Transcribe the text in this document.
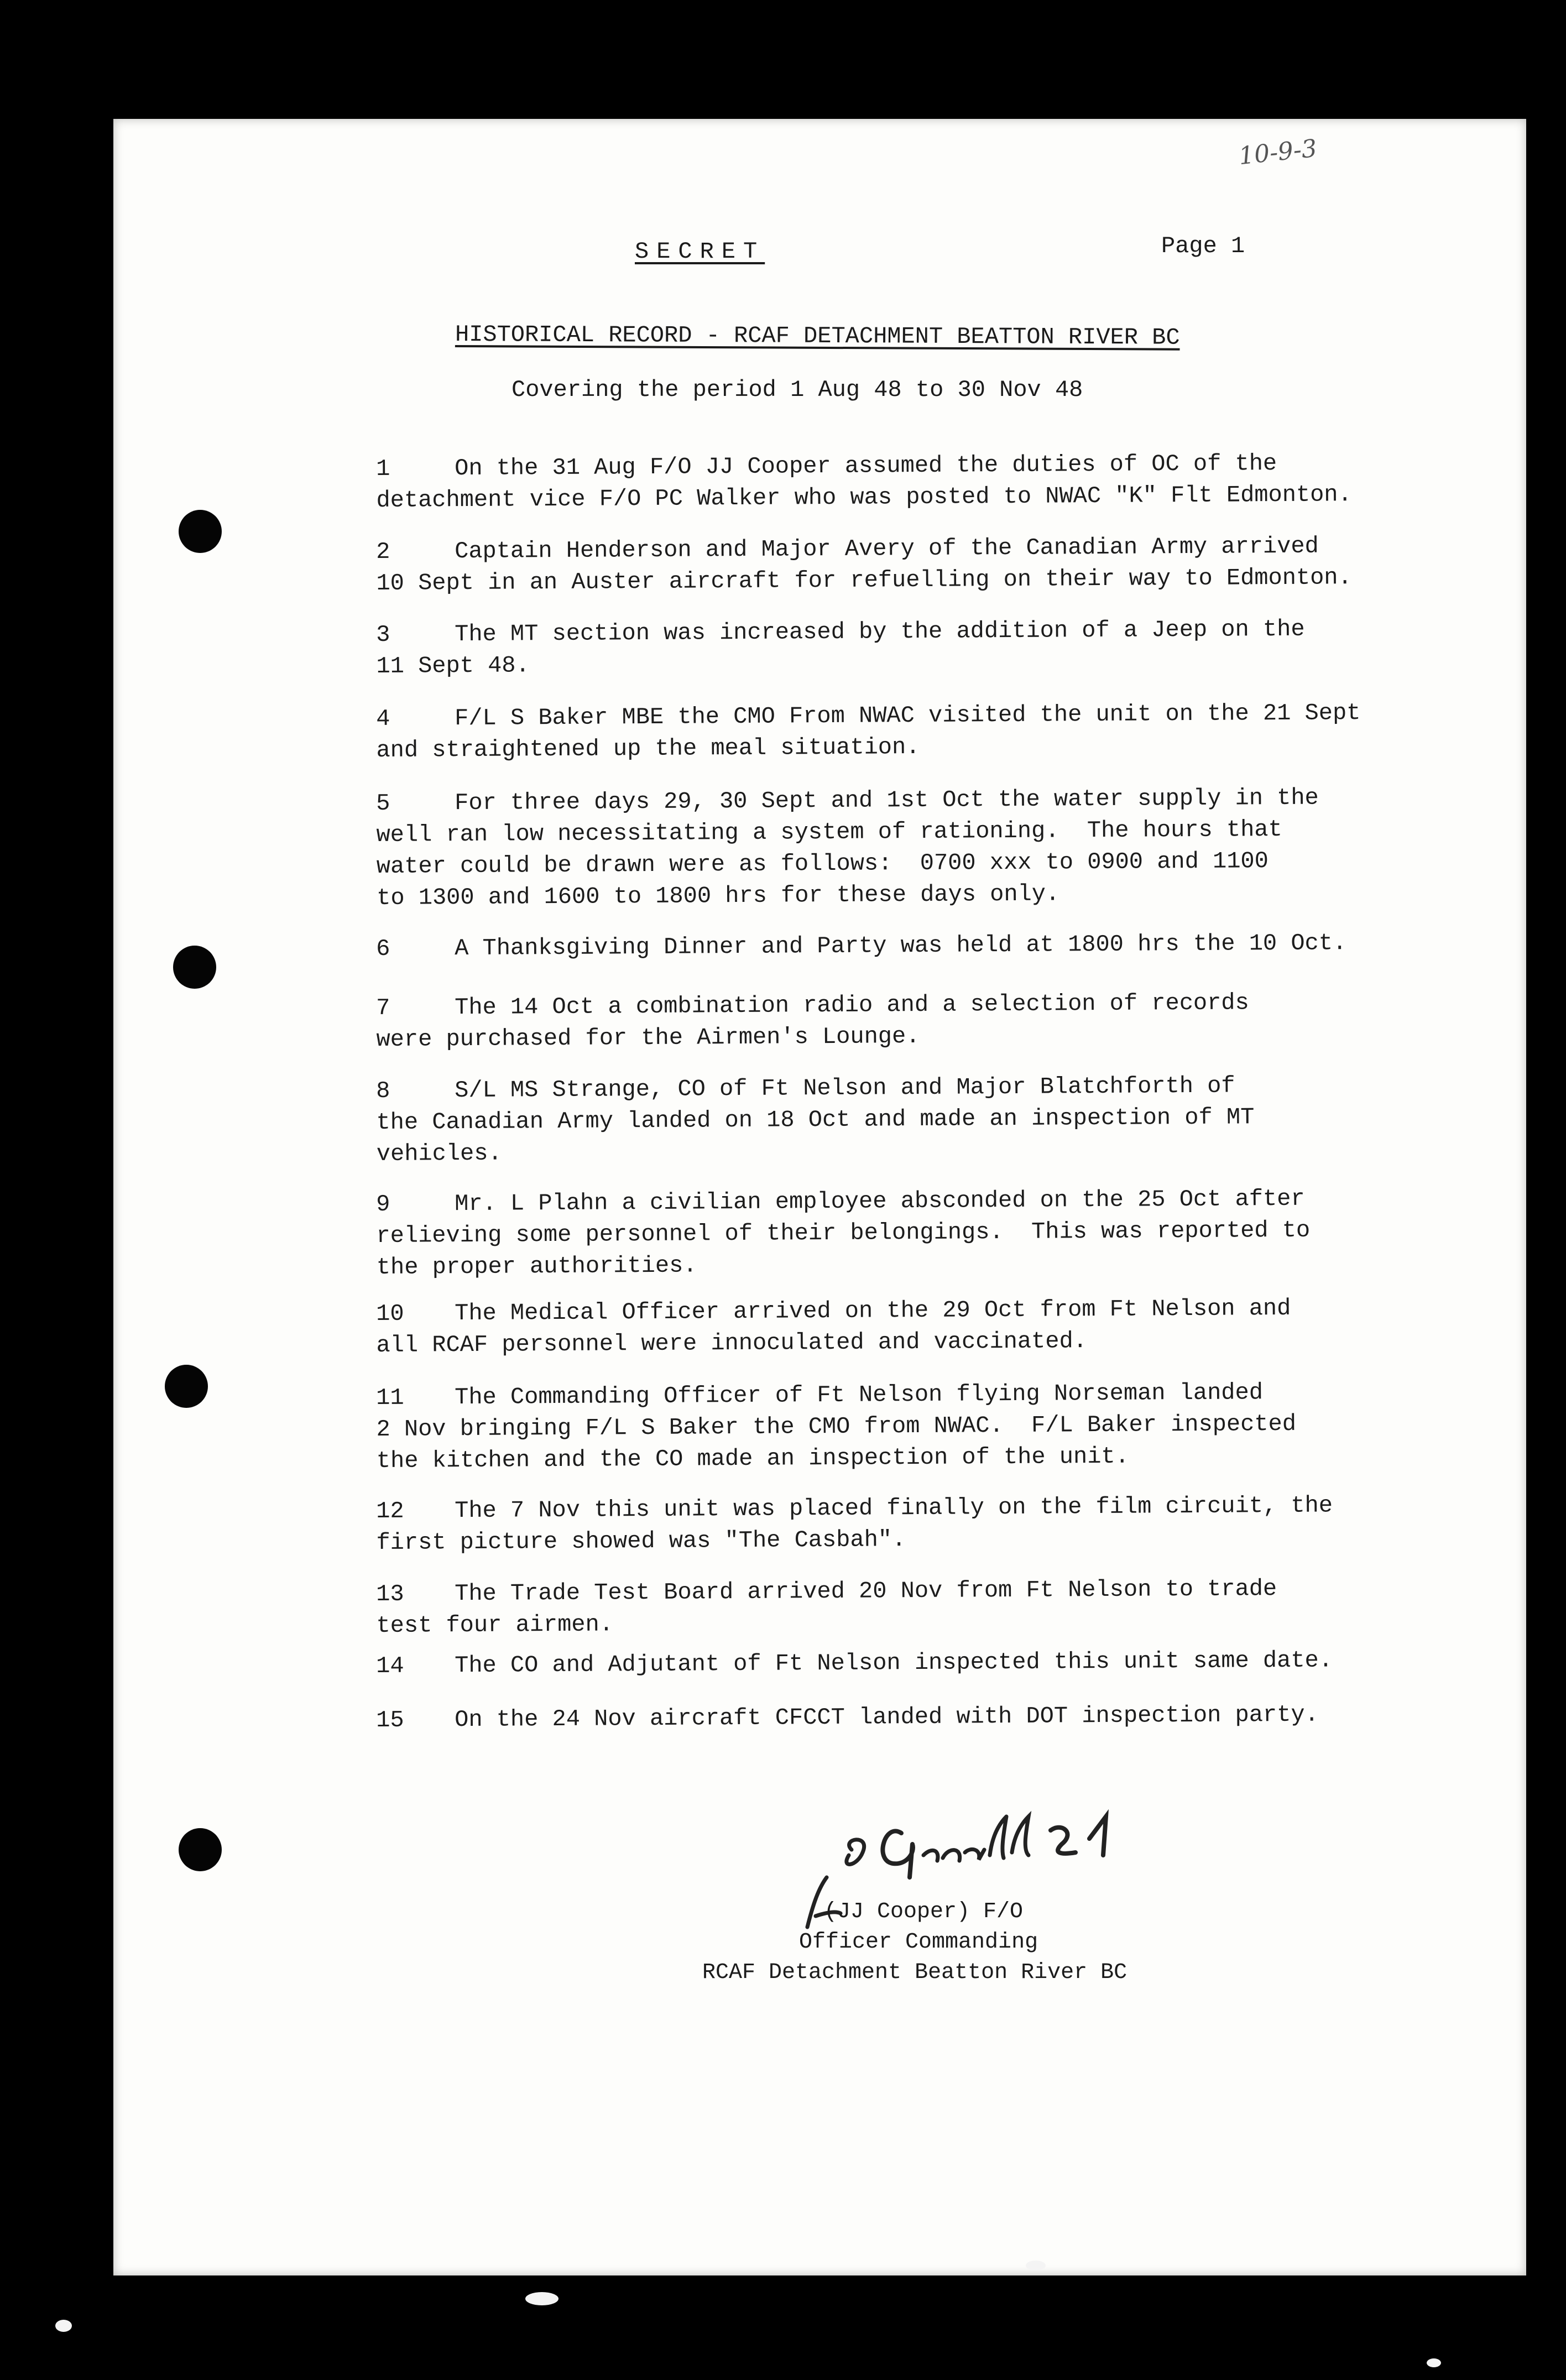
10-9-3
SECRET	Page 1
HISTORICAL RECORD - RCAF DETACHMENT BEATTON RIVER BC
Covering the period 1 Aug 48 to 30 Nov 48
1	On the 31 Aug F/O JJ Cooper assumed the duties of OC of the
detachment vice F/O PC Walker who was posted to NWAC "K" Flt Edmonton.
2	Captain Henderson and Major Avery of the Canadian Army arrived
10 Sept in an Auster aircraft for refuelling on their way to Edmonton.
3	The MT section was increased by the addition of a Jeep on the
11 Sept 48.
4	F/L S Baker MBE the CMO From NWAC visited the unit on the 21 Sept
and straightened up the meal situation.
5	For three days 29, 30 Sept and 1st Oct the water supply in the
well ran low necessitating a system of rationing.  The hours that
water could be drawn were as follows:  0700 xxx to 0900 and 1100
to 1300 and 1600 to 1800 hrs for these days only.
6	A Thanksgiving Dinner and Party was held at 1800 hrs the 10 Oct.
7	The 14 Oct a combination radio and a selection of records
were purchased for the Airmen's Lounge.
8	S/L MS Strange, CO of Ft Nelson and Major Blatchforth of
the Canadian Army landed on 18 Oct and made an inspection of MT
vehicles.
9	Mr. L Plahn a civilian employee absconded on the 25 Oct after
relieving some personnel of their belongings.  This was reported to
the proper authorities.
10 The Medical Officer arrived on the 29 Oct from Ft Nelson and
all RCAF personnel were innoculated and vaccinated.
11 The Commanding Officer of Ft Nelson flying Norseman landed
2 Nov bringing F/L S Baker the CMO from NWAC.  F/L Baker inspected
the kitchen and the CO made an inspection of the unit.
12 The 7 Nov this unit was placed finally on the film circuit, the
first picture showed was "The Casbah".
13 The Trade Test Board arrived 20 Nov from Ft Nelson to trade
test four airmen.
14 The CO and Adjutant of Ft Nelson inspected this unit same date.
15 On the 24 Nov aircraft CFCCT landed with DOT inspection party.
(JJ Cooper) F/O
Officer Commanding
RCAF Detachment Beatton River BC
